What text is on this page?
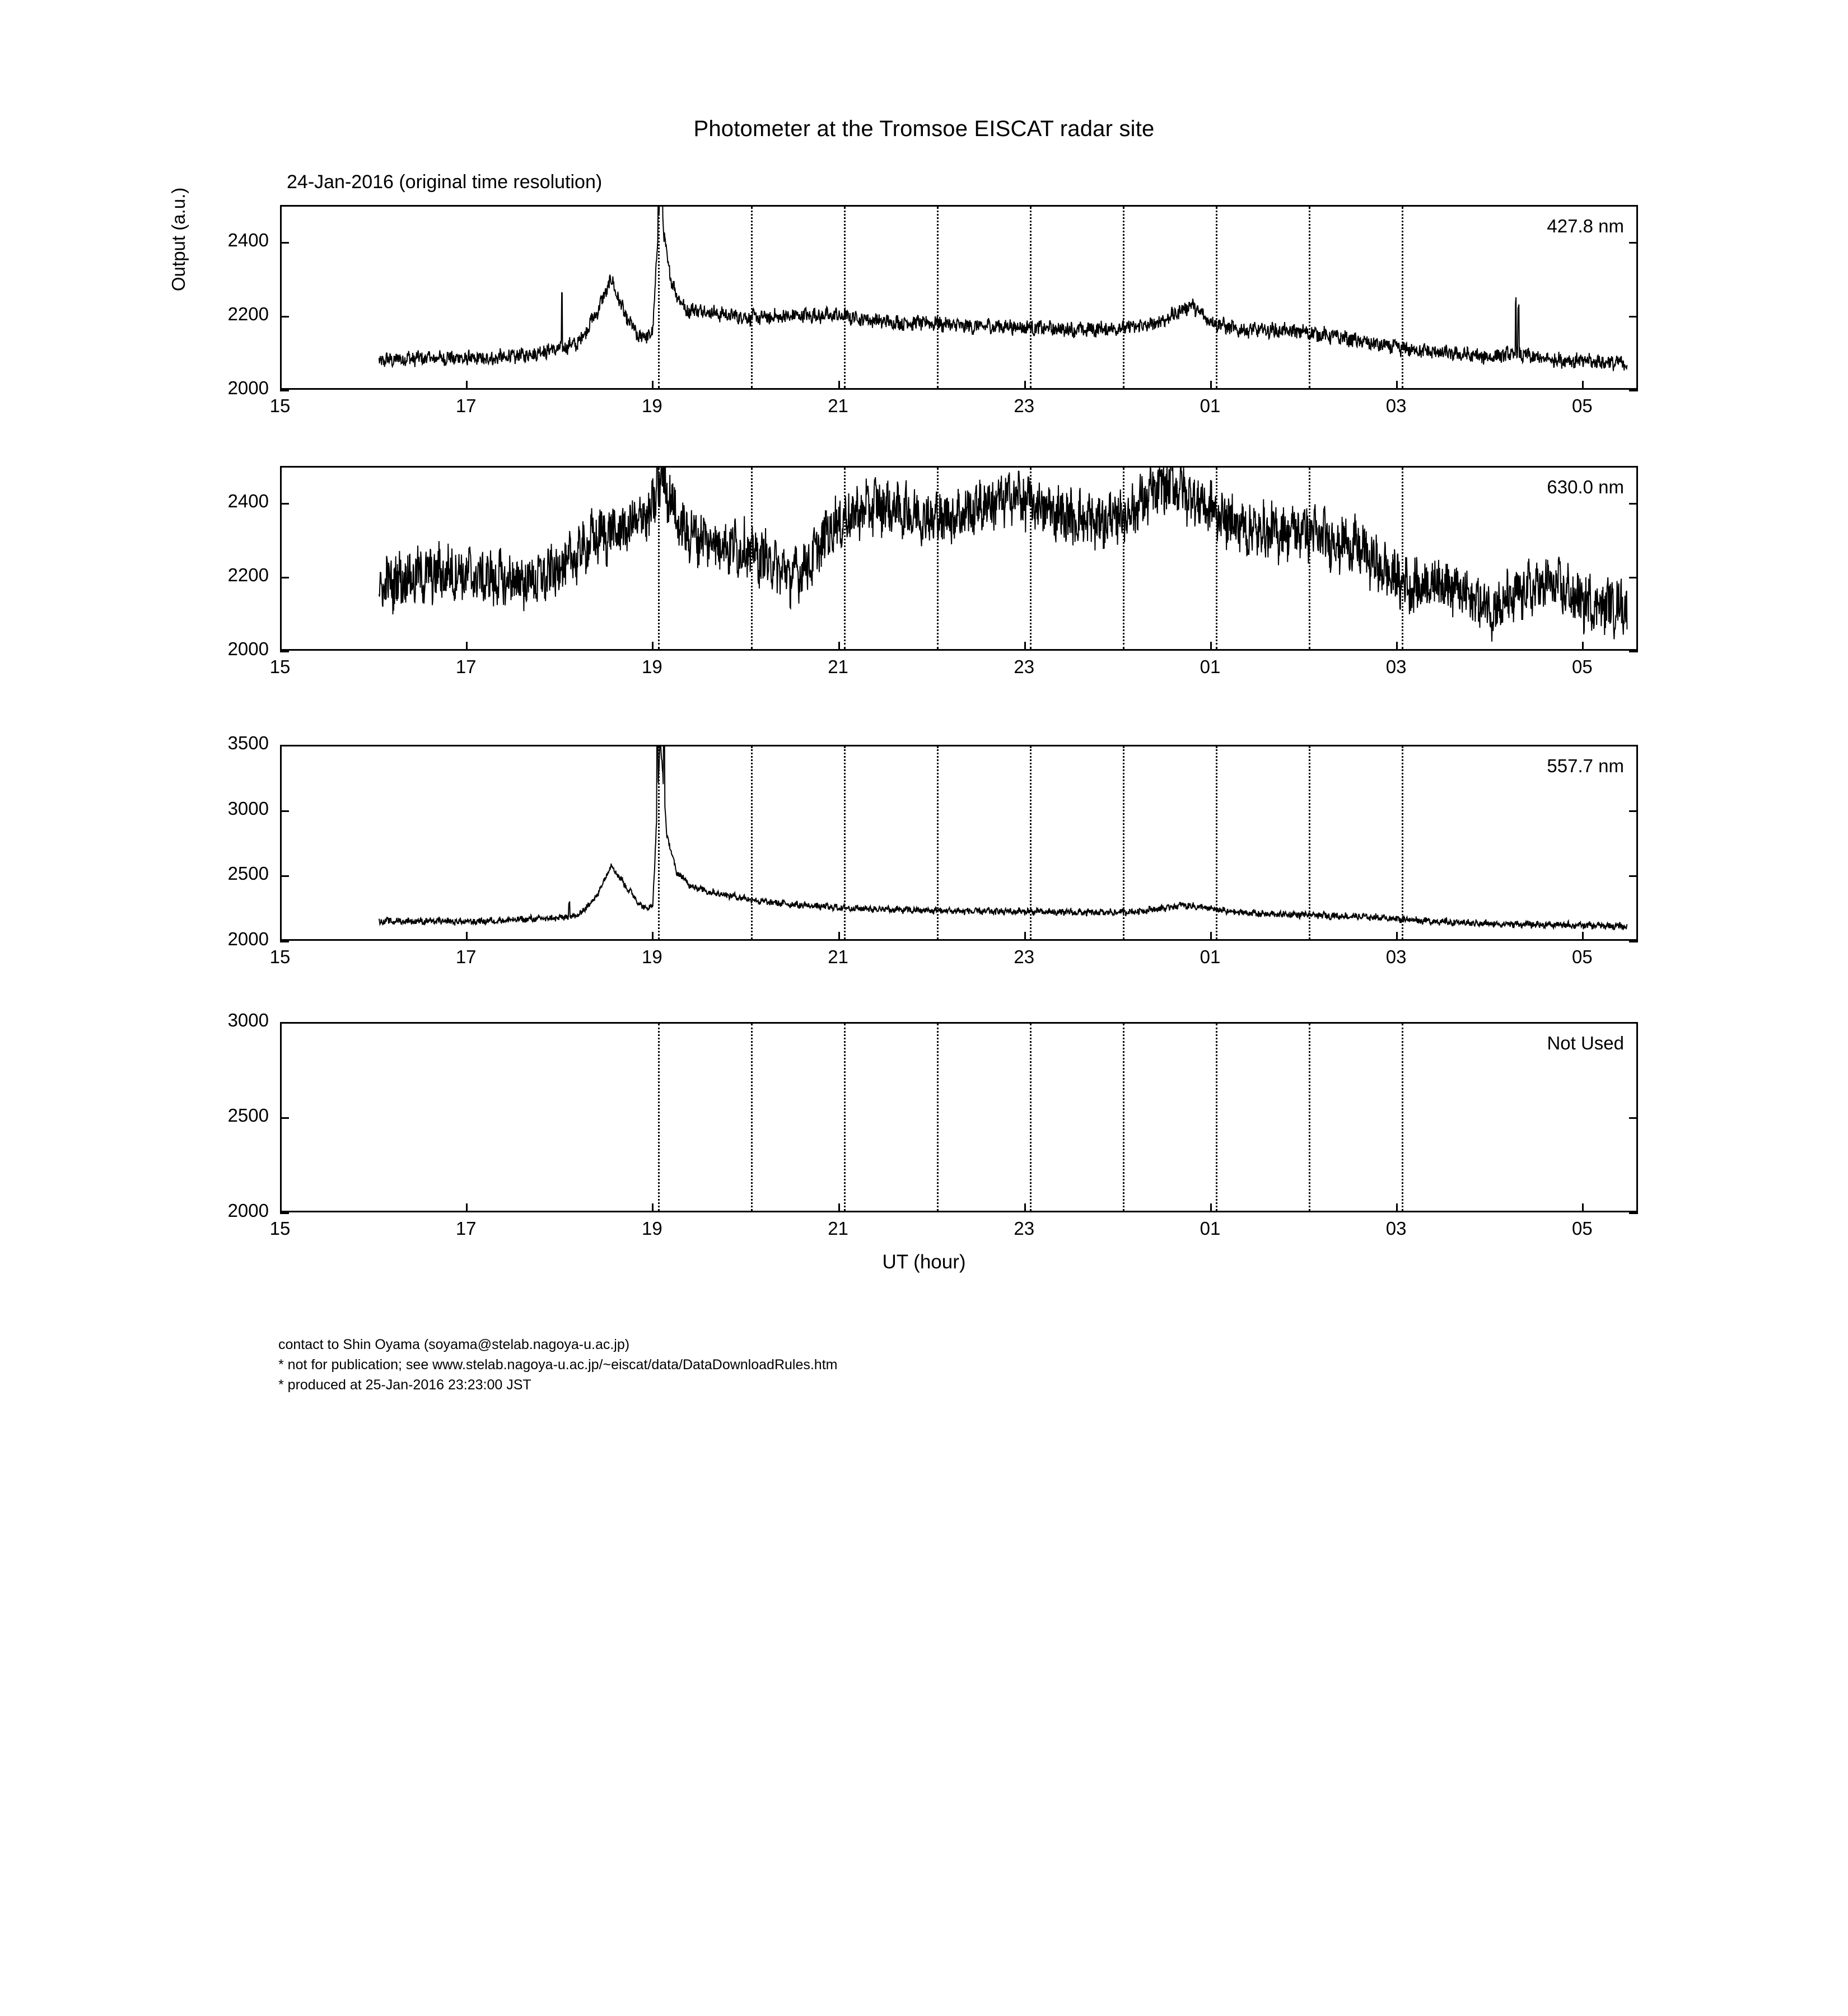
Photometer at the Tromsoe EISCAT radar site
24-Jan-2016 (original time resolution)
Output (a.u.)	427.8 nm
630.0 nm
557.7 nm
Not Used
UT (hour)
contact to Shin Oyama (soyama@stelab.nagoya-u.ac.jp)
* not for publication; see www.stelab.nagoya-u.ac.jp/~eiscat/data/DataDownloadRules.htm
* produced at 25-Jan-2016 23:23:00 JST
2000
2200
2400
15	17	19	21	23	01	03	05
2000
2200
2400
15	17	19	21	23	01	03	05
2000
2500
3000
3500
15	17	19	21	23	01	03	05
2000
2500
3000
15	17	19	21	23	01	03	05
